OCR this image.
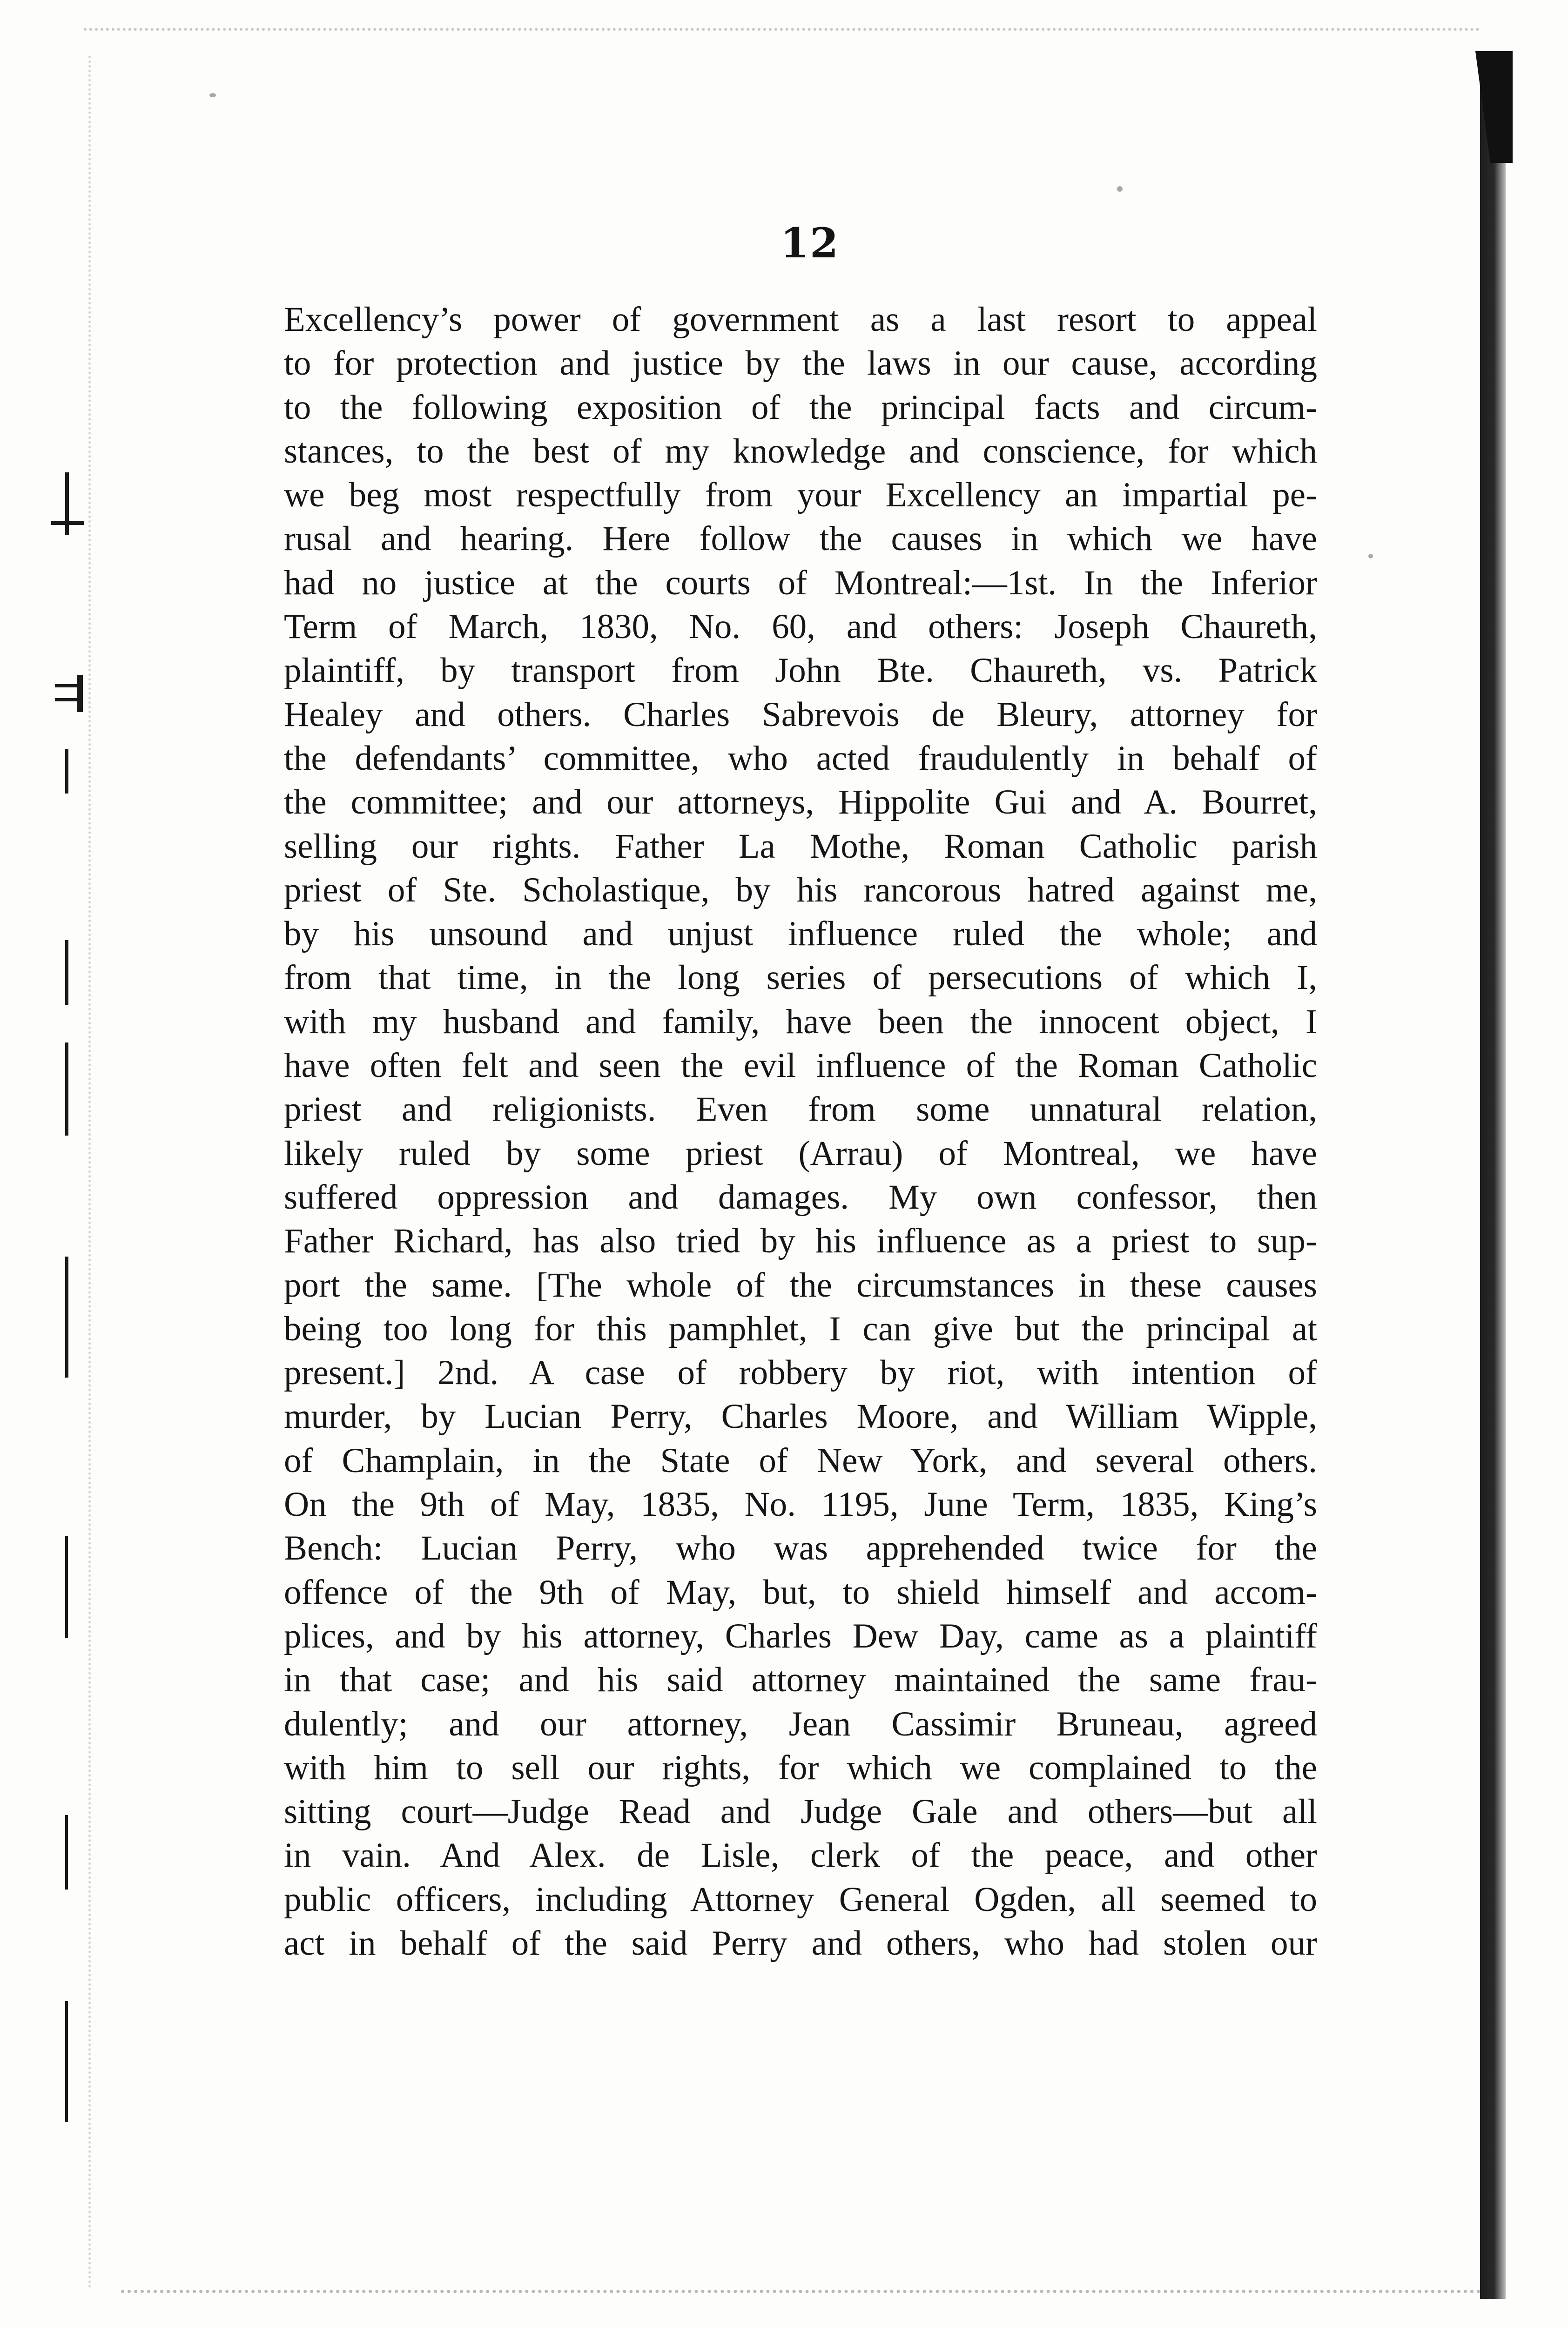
12
Excellency’s power of government as a last resort to appeal
to for protection and justice by the laws in our cause, according
to the following exposition of the principal facts and circum-
stances, to the best of my knowledge and conscience, for which
we beg most respectfully from your Excellency an impartial pe-
rusal and hearing. Here follow the causes in which we have
had no justice at the courts of Montreal:—1st. In the Inferior
Term of March, 1830, No. 60, and others: Joseph Chaureth,
plaintiff, by transport from John Bte. Chaureth, vs. Patrick
Healey and others. Charles Sabrevois de Bleury, attorney for
the defendants’ committee, who acted fraudulently in behalf of
the committee; and our attorneys, Hippolite Gui and A. Bourret,
selling our rights. Father La Mothe, Roman Catholic parish
priest of Ste. Scholastique, by his rancorous hatred against me,
by his unsound and unjust influence ruled the whole; and
from that time, in the long series of persecutions of which I,
with my husband and family, have been the innocent object, I
have often felt and seen the evil influence of the Roman Catholic
priest and religionists. Even from some unnatural relation,
likely ruled by some priest (Arrau) of Montreal, we have
suffered oppression and damages. My own confessor, then
Father Richard, has also tried by his influence as a priest to sup-
port the same. [The whole of the circumstances in these causes
being too long for this pamphlet, I can give but the principal at
present.] 2nd. A case of robbery by riot, with intention of
murder, by Lucian Perry, Charles Moore, and William Wipple,
of Champlain, in the State of New York, and several others.
On the 9th of May, 1835, No. 1195, June Term, 1835, King’s
Bench: Lucian Perry, who was apprehended twice for the
offence of the 9th of May, but, to shield himself and accom-
plices, and by his attorney, Charles Dew Day, came as a plaintiff
in that case; and his said attorney maintained the same frau-
dulently; and our attorney, Jean Cassimir Bruneau, agreed
with him to sell our rights, for which we complained to the
sitting court—Judge Read and Judge Gale and others—but all
in vain. And Alex. de Lisle, clerk of the peace, and other
public officers, including Attorney General Ogden, all seemed to
act in behalf of the said Perry and others, who had stolen our
